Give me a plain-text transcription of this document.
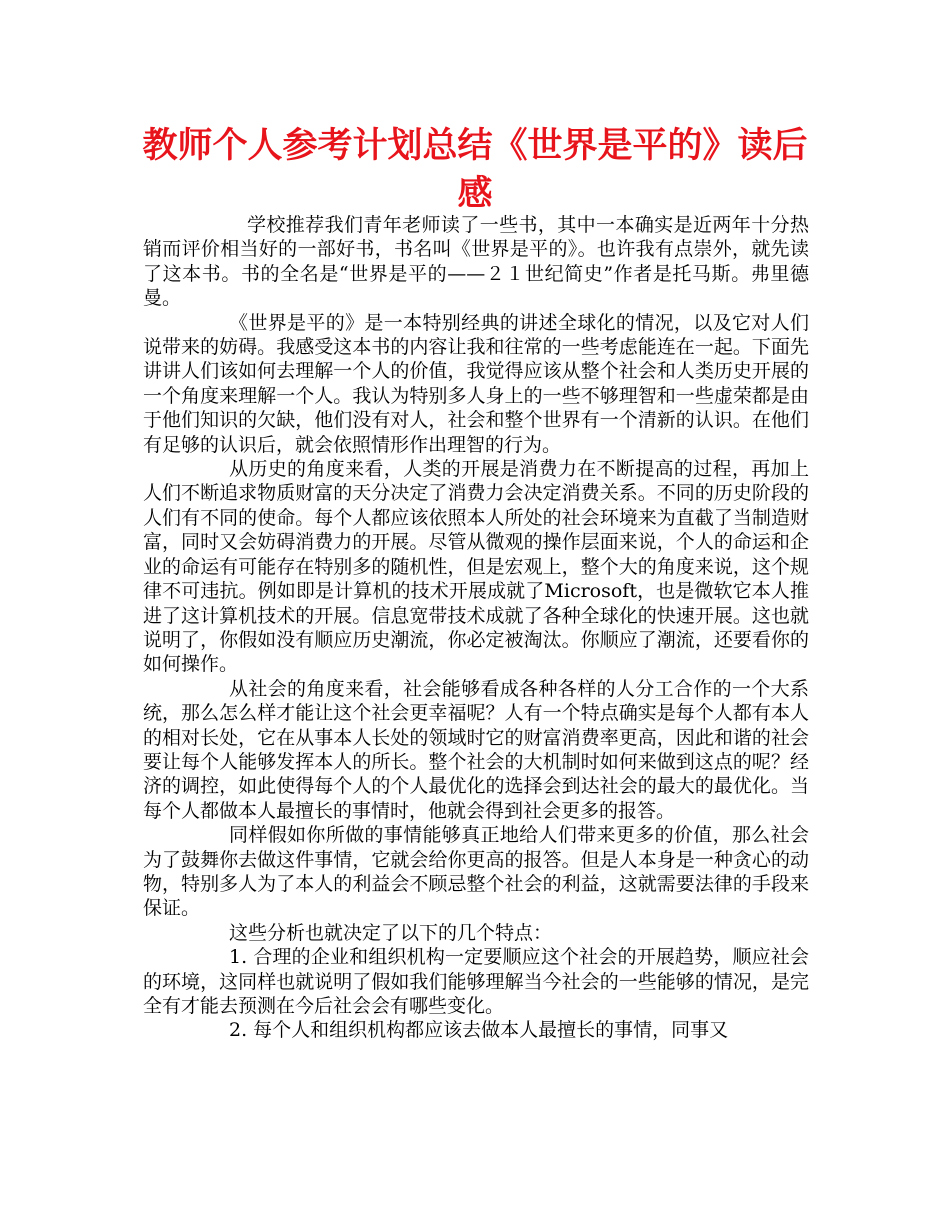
教师个人参考计划总结《世界是平的》读后感

学校推荐我们青年老师读了一些书，其中一本确实是近两年十分热销而评价相当好的一部好书，书名叫《世界是平的》。也许我有点崇外，就先读了这本书。书的全名是“世界是平的——２１世纪简史”作者是托马斯。弗里德曼。

《世界是平的》是一本特别经典的讲述全球化的情况，以及它对人们说带来的妨碍。我感受这本书的内容让我和往常的一些考虑能连在一起。下面先讲讲人们该如何去理解一个人的价值，我觉得应该从整个社会和人类历史开展的一个角度来理解一个人。我认为特别多人身上的一些不够理智和一些虚荣都是由于他们知识的欠缺，他们没有对人，社会和整个世界有一个清新的认识。在他们有足够的认识后，就会依照情形作出理智的行为。

从历史的角度来看，人类的开展是消费力在不断提高的过程，再加上人们不断追求物质财富的天分决定了消费力会决定消费关系。不同的历史阶段的人们有不同的使命。每个人都应该依照本人所处的社会环境来为直截了当制造财富，同时又会妨碍消费力的开展。尽管从微观的操作层面来说，个人的命运和企业的命运有可能存在特别多的随机性，但是宏观上，整个大的角度来说，这个规律不可违抗。例如即是计算机的技术开展成就了Microsoft，也是微软它本人推进了这计算机技术的开展。信息宽带技术成就了各种全球化的快速开展。这也就说明了，你假如没有顺应历史潮流，你必定被淘汰。你顺应了潮流，还要看你的如何操作。

从社会的角度来看，社会能够看成各种各样的人分工合作的一个大系统，那么怎么样才能让这个社会更幸福呢？人有一个特点确实是每个人都有本人的相对长处，它在从事本人长处的领域时它的财富消费率更高，因此和谐的社会要让每个人能够发挥本人的所长。整个社会的大机制时如何来做到这点的呢？经济的调控，如此使得每个人的个人最优化的选择会到达社会的最大的最优化。当每个人都做本人最擅长的事情时，他就会得到社会更多的报答。

同样假如你所做的事情能够真正地给人们带来更多的价值，那么社会为了鼓舞你去做这件事情，它就会给你更高的报答。但是人本身是一种贪心的动物，特别多人为了本人的利益会不顾忌整个社会的利益，这就需要法律的手段来保证。

这些分析也就决定了以下的几个特点：

1. 合理的企业和组织机构一定要顺应这个社会的开展趋势，顺应社会的环境，这同样也就说明了假如我们能够理解当今社会的一些能够的情况，是完全有才能去预测在今后社会会有哪些变化。

2. 每个人和组织机构都应该去做本人最擅长的事情，同事又
